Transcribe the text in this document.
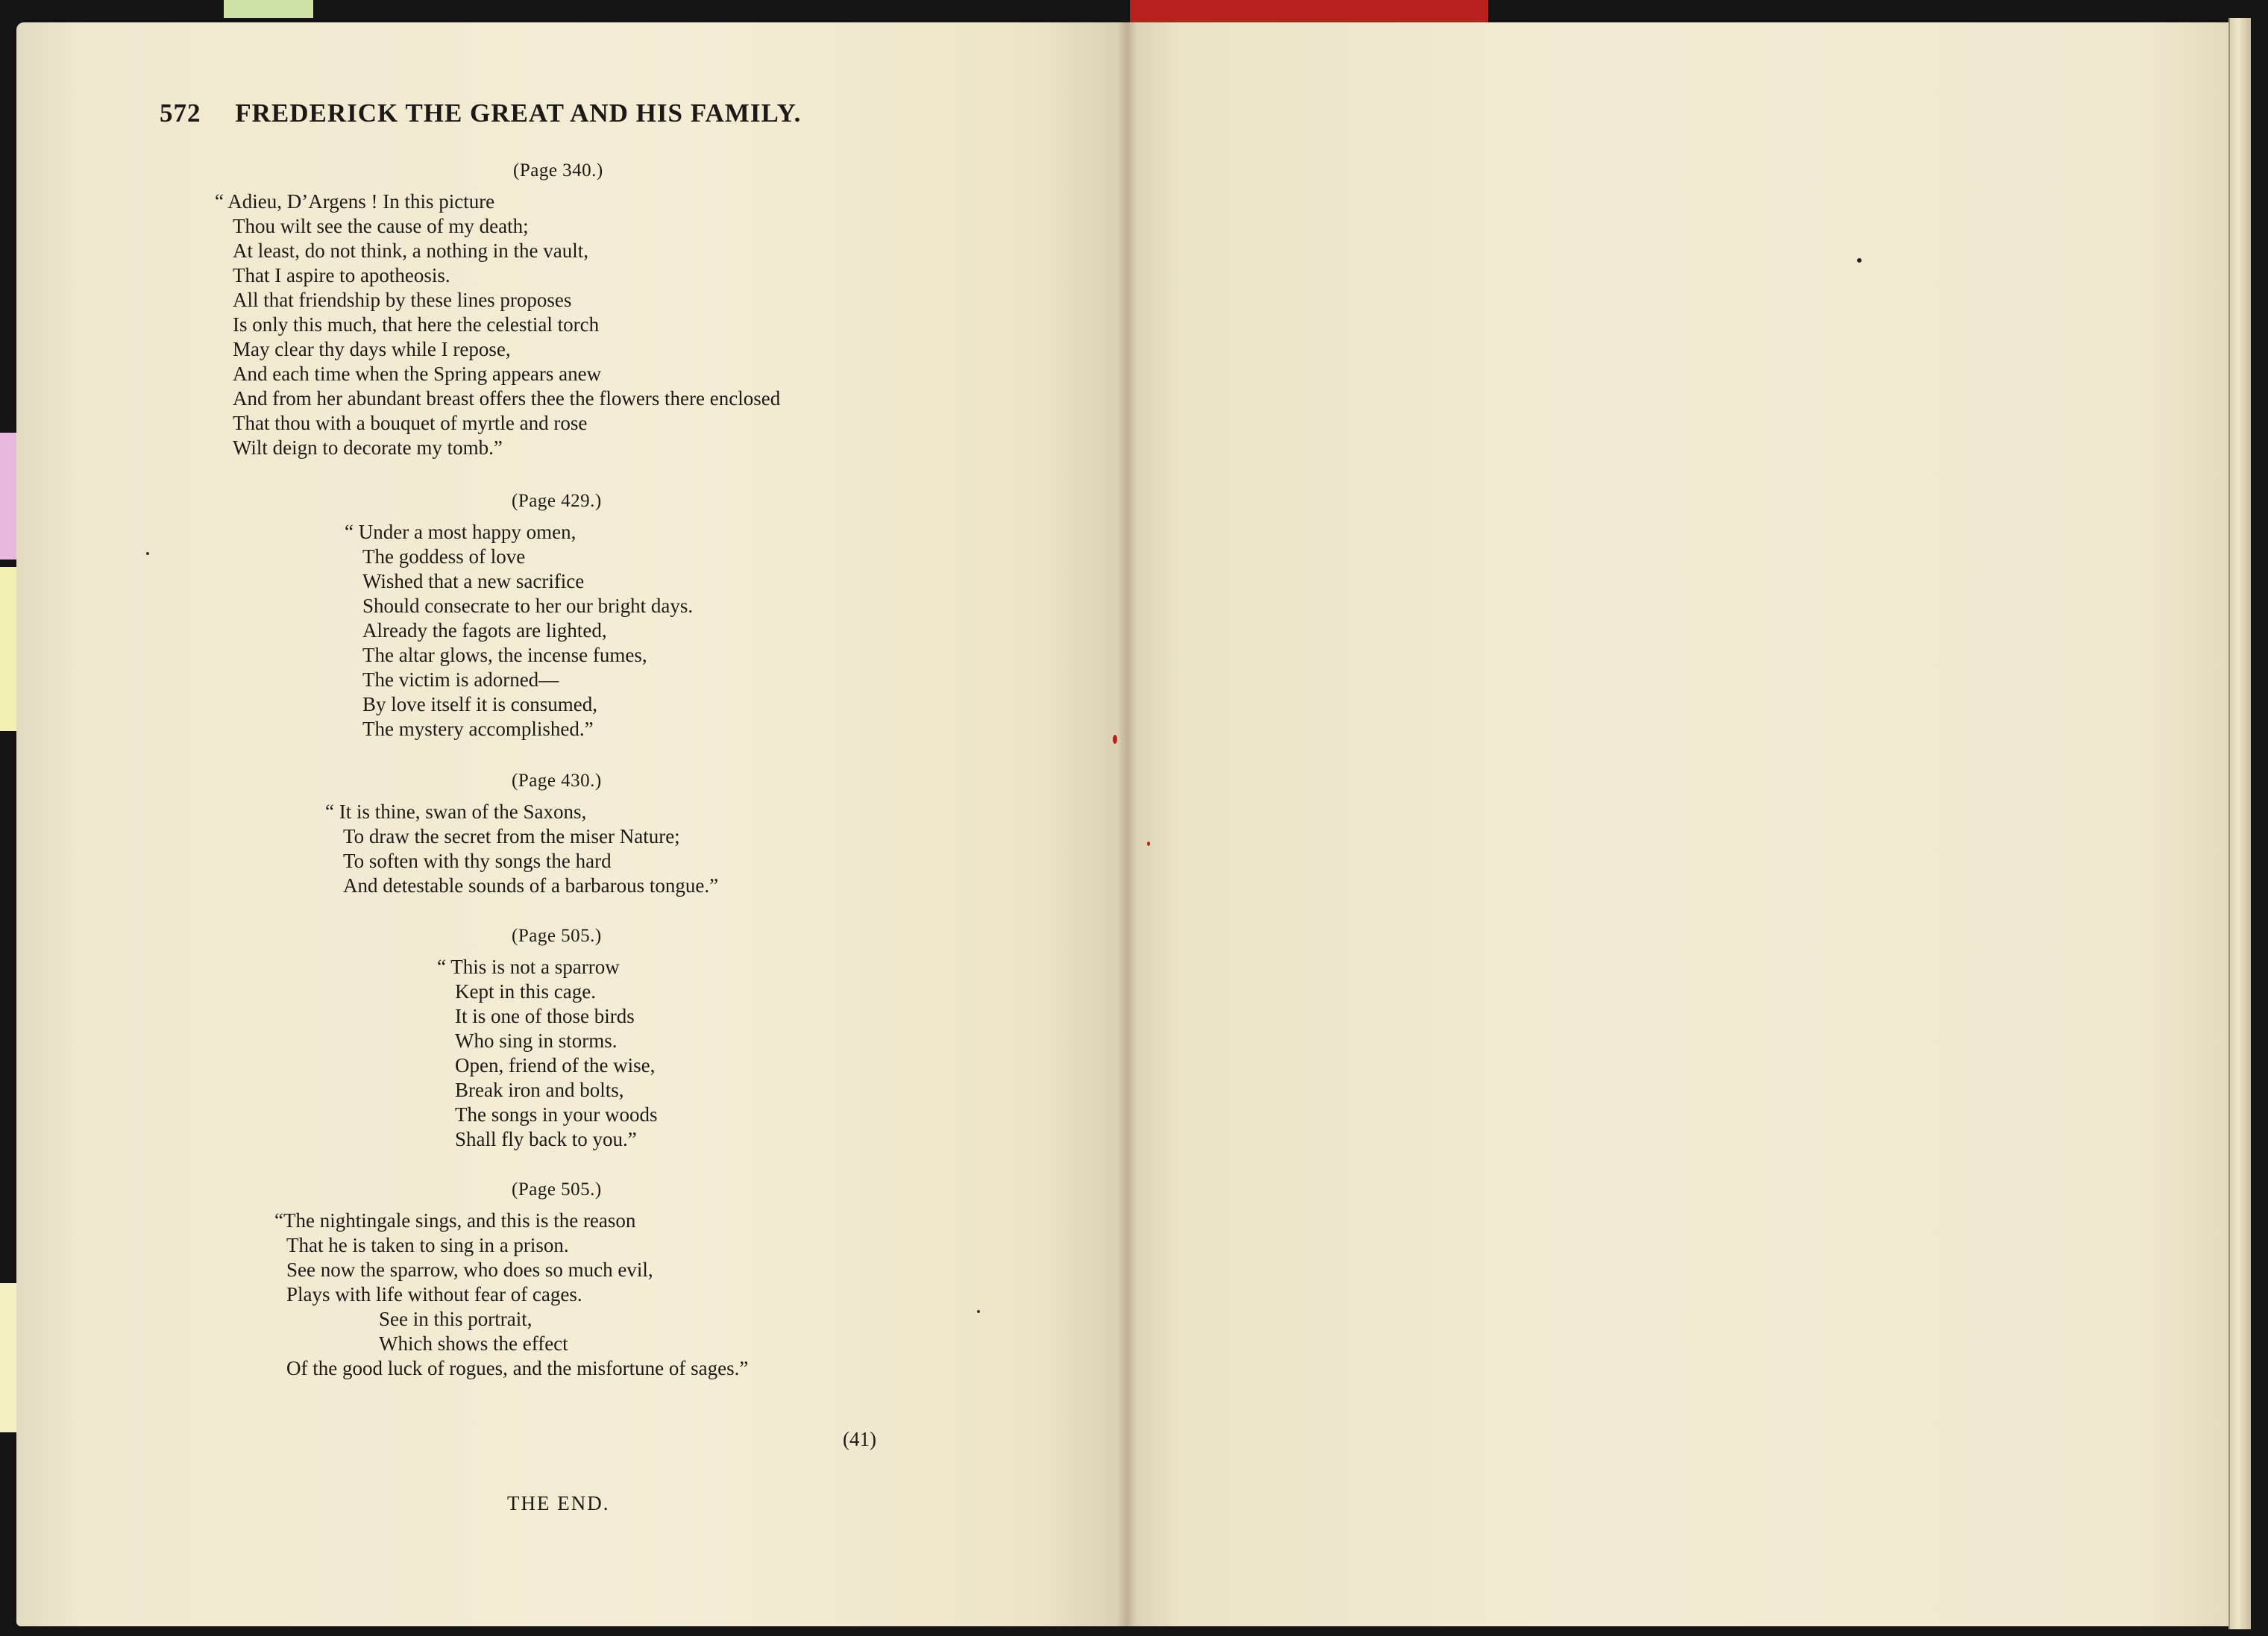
572 FREDERICK THE GREAT AND HIS FAMILY.
(Page 340.)
“ Adieu, D’Argens ! In this picture
Thou wilt see the cause of my death;
At least, do not think, a nothing in the vault,
That I aspire to apotheosis.
All that friendship by these lines proposes
Is only this much, that here the celestial torch
May clear thy days while I repose,
And each time when the Spring appears anew
And from her abundant breast offers thee the flowers there enclosed
That thou with a bouquet of myrtle and rose
Wilt deign to decorate my tomb.”
(Page 429.)
“ Under a most happy omen,
The goddess of love
Wished that a new sacrifice
Should consecrate to her our bright days.
Already the fagots are lighted,
The altar glows, the incense fumes,
The victim is adorned—
By love itself it is consumed,
The mystery accomplished.”
(Page 430.)
“ It is thine, swan of the Saxons,
To draw the secret from the miser Nature;
To soften with thy songs the hard
And detestable sounds of a barbarous tongue.”
(Page 505.)
“ This is not a sparrow
Kept in this cage.
It is one of those birds
Who sing in storms.
Open, friend of the wise,
Break iron and bolts,
The songs in your woods
Shall fly back to you.”
(Page 505.)
“The nightingale sings, and this is the reason
That he is taken to sing in a prison.
See now the sparrow, who does so much evil,
Plays with life without fear of cages.
See in this portrait,
Which shows the effect
Of the good luck of rogues, and the misfortune of sages.”
(41)
THE END.
